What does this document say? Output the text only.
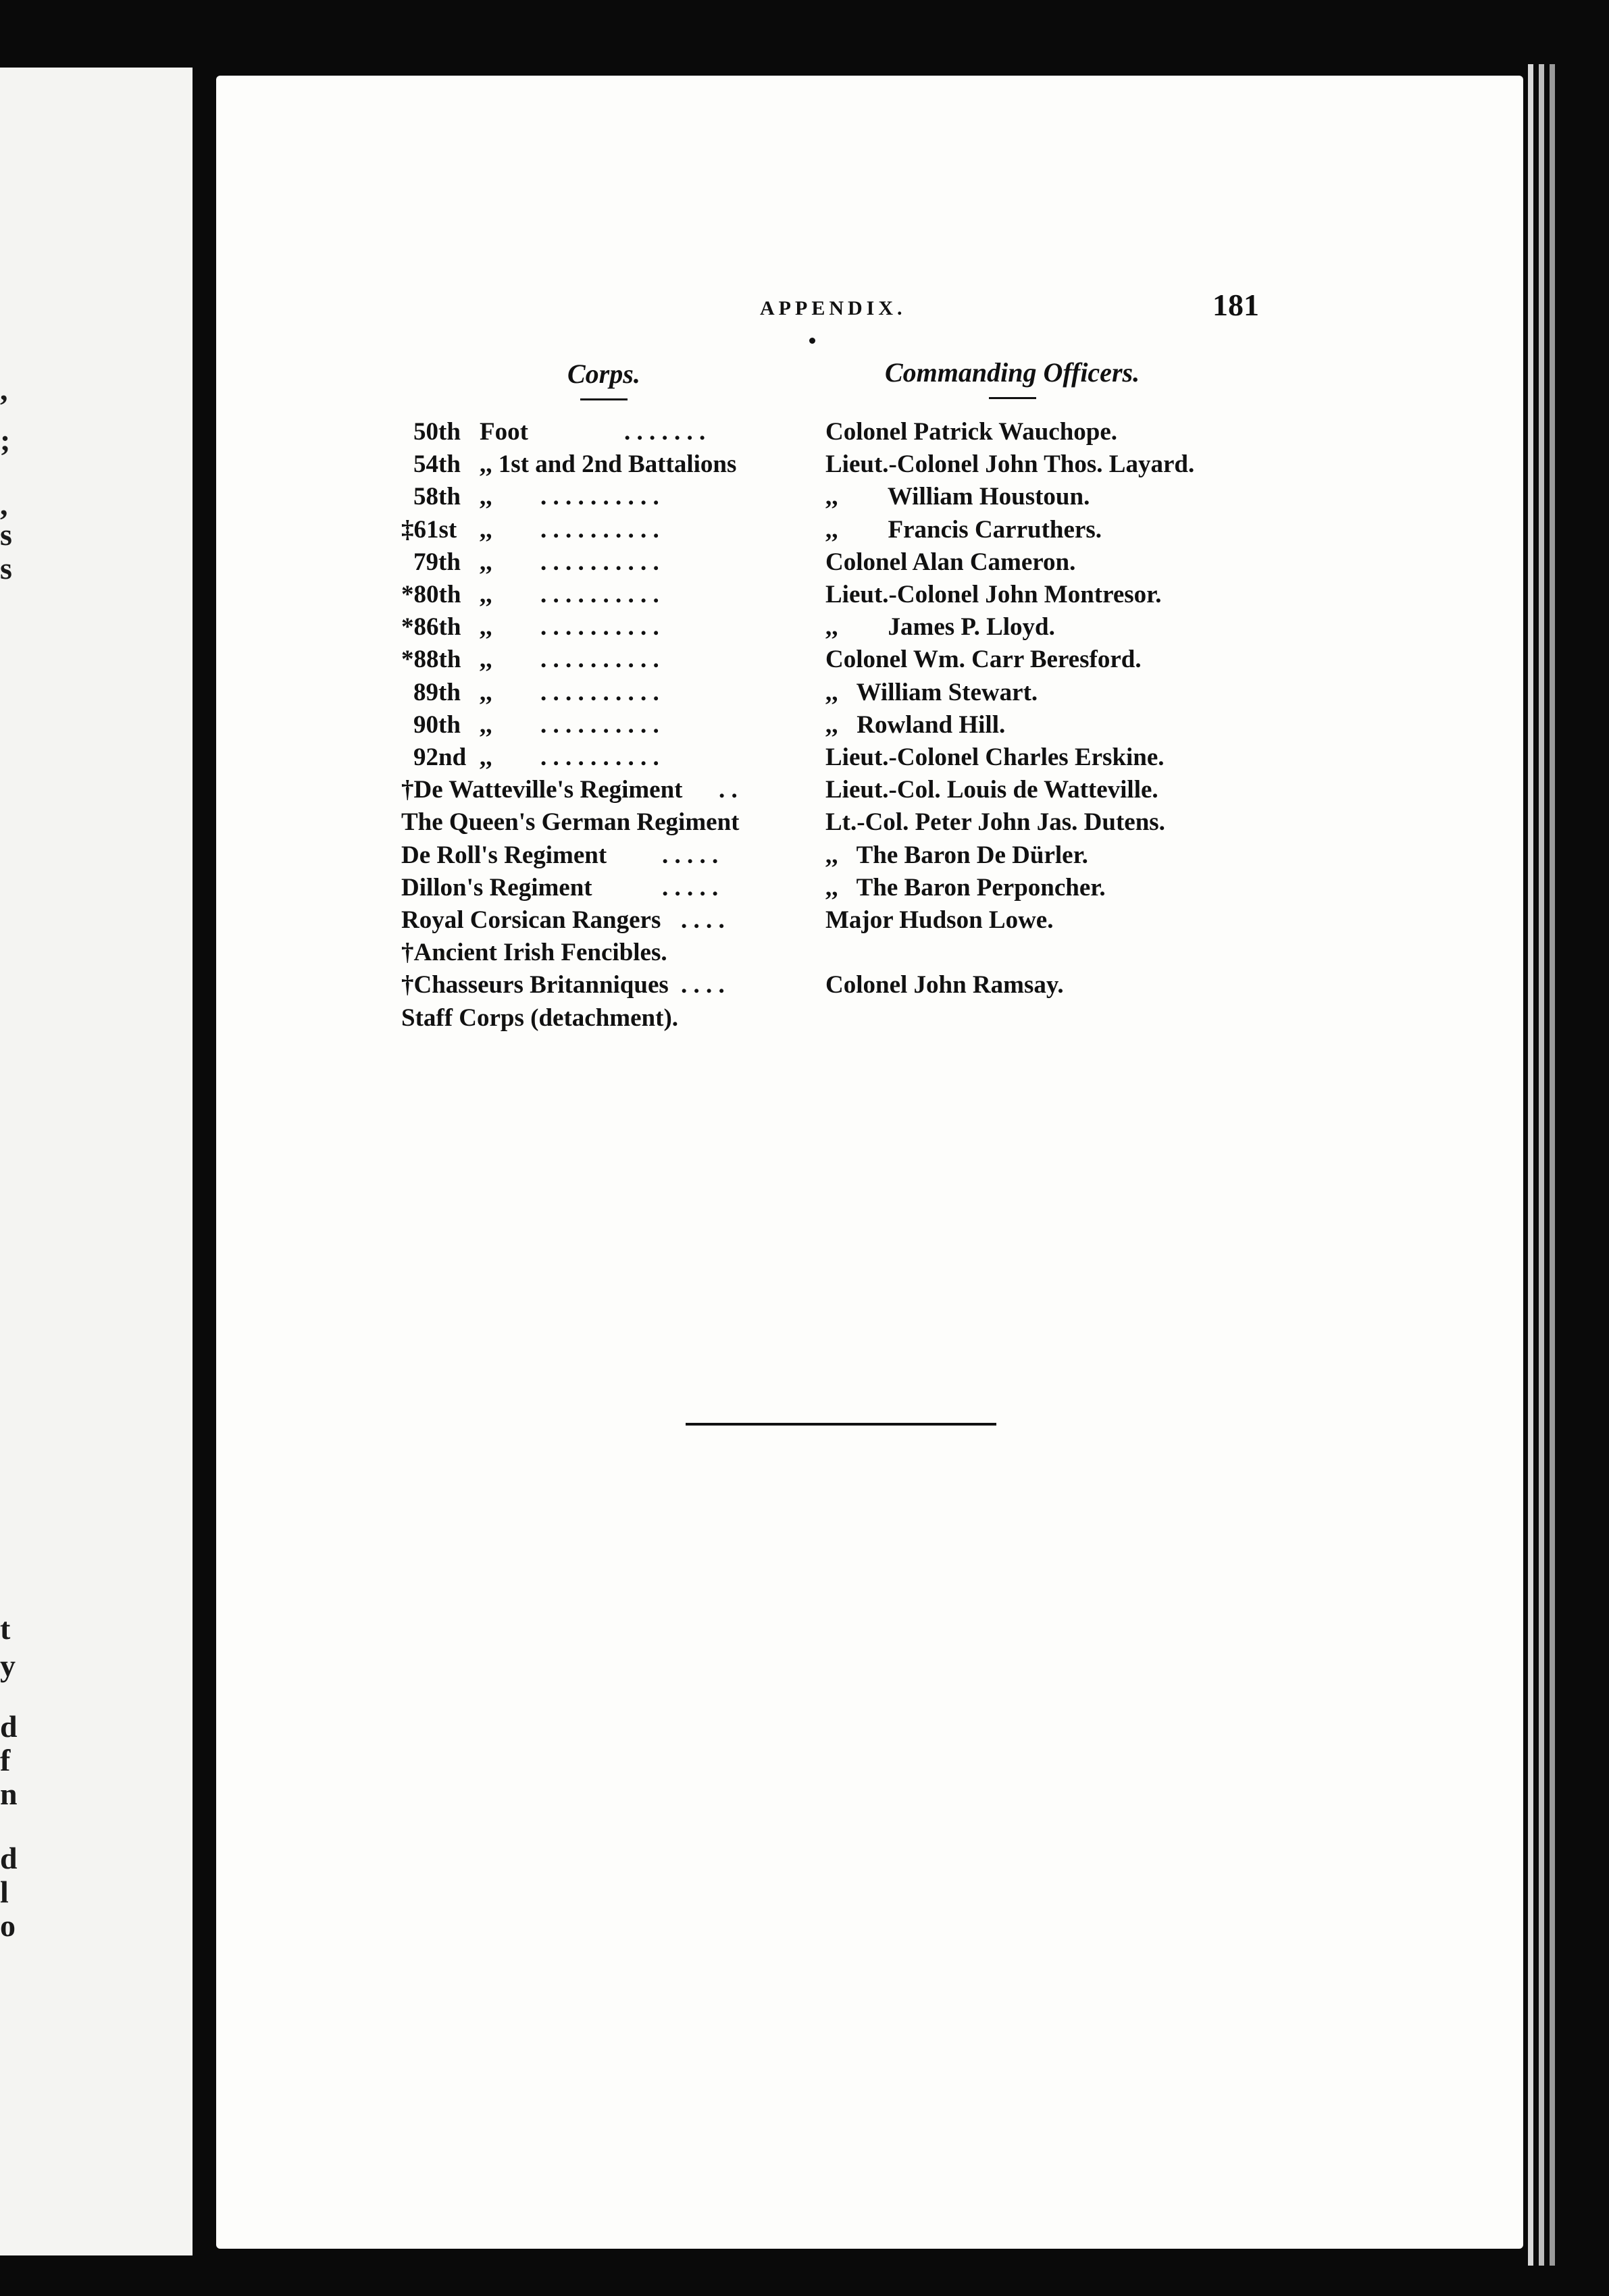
,
;
,
s
s
t
y
d
f
n
d
l
o
APPENDIX.	181
Corps.	Commanding Officers.
50th Foot	. . . . . . .	Colonel Patrick Wauchope.
54th ,, 1st and 2nd Battalions	Lieut.-Colonel John Thos. Layard.
58th ,, . . . . . . . . . .	,,        William Houstoun.
‡61st ,, . . . . . . . . . .	,,        Francis Carruthers.
79th ,, . . . . . . . . . .	Colonel Alan Cameron.
*80th ,, . . . . . . . . . .	Lieut.-Colonel John Montresor.
*86th ,, . . . . . . . . . .	,,        James P. Lloyd.
*88th ,, . . . . . . . . . .	Colonel Wm. Carr Beresford.
89th ,, . . . . . . . . . .	,,   William Stewart.
90th ,, . . . . . . . . . .	,,   Rowland Hill.
92nd ,, . . . . . . . . . .	Lieut.-Colonel Charles Erskine.
†De Watteville's Regiment . .	Lieut.-Col. Louis de Watteville.
The Queen's German Regiment	Lt.-Col. Peter John Jas. Dutens.
De Roll's Regiment . . . . .	,,   The Baron De Dürler.
Dillon's Regiment	. . . . .	,,   The Baron Perponcher.
Royal Corsican Rangers . . . .	Major Hudson Lowe.
†Ancient Irish Fencibles.
†Chasseurs Britanniques . . . .	Colonel John Ramsay.
Staff Corps (detachment).
